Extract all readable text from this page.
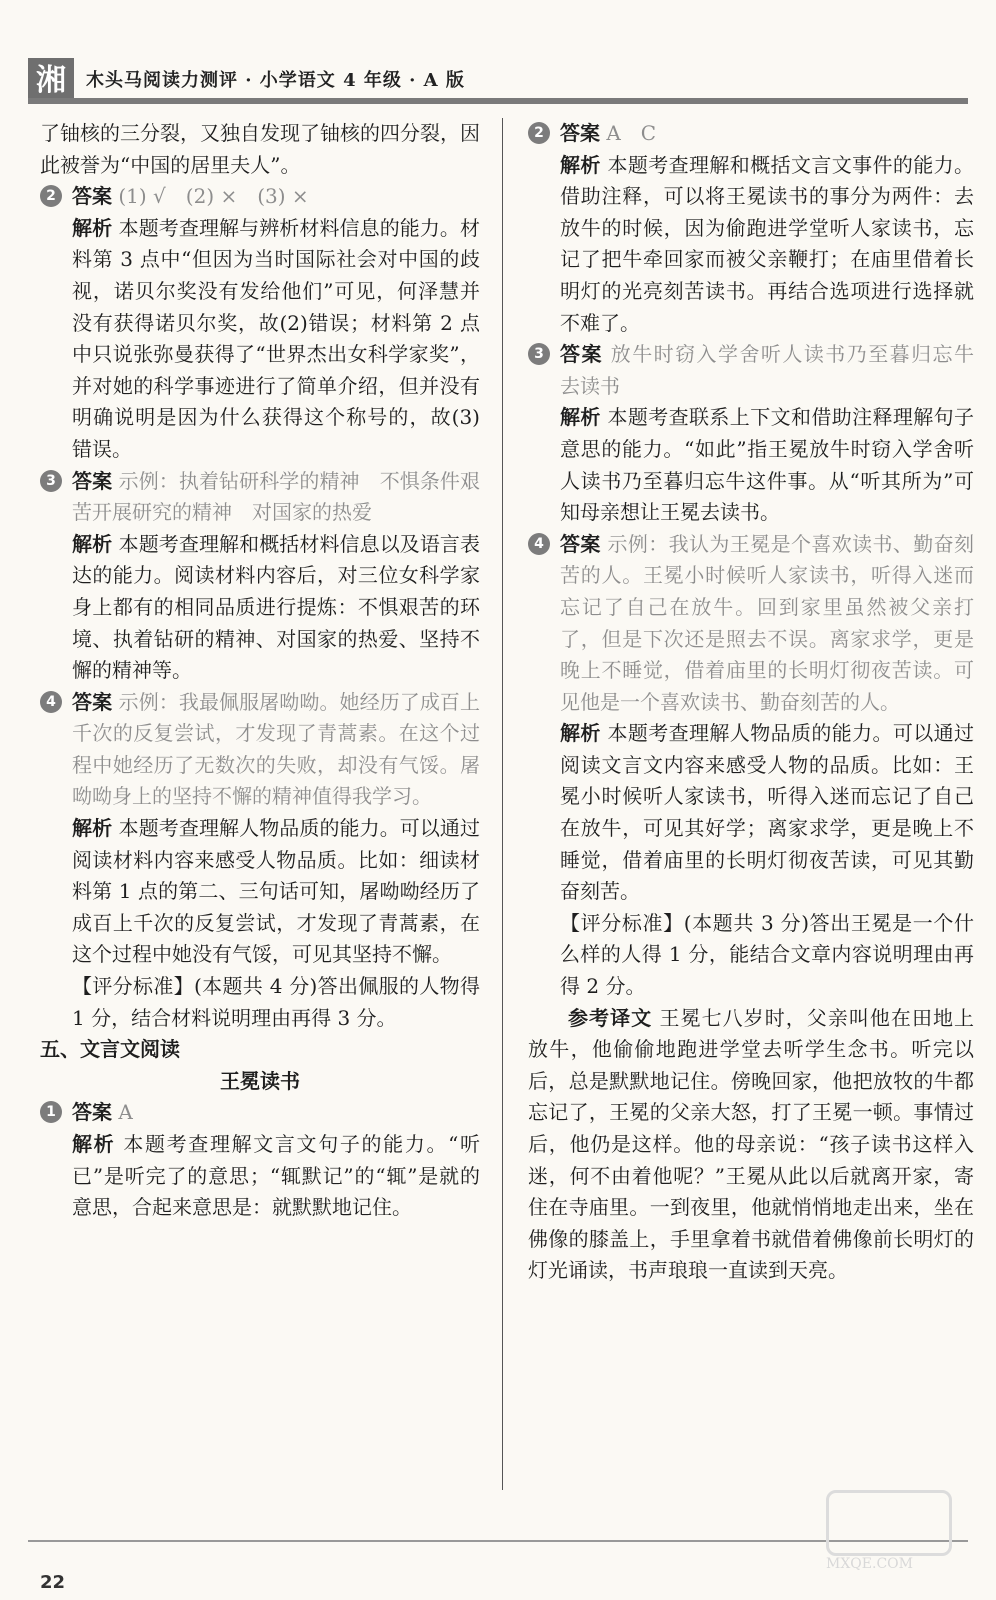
湘	木头马阅读力测评 · 小学语文 4 年级 · A 版

了铀核的三分裂，又独自发现了铀核的四分裂，因此被誉为“中国的居里夫人”。

2 答案 (1) √　(2) ×　(3) ×

解析 本题考查理解与辨析材料信息的能力。材料第 3 点中“但因为当时国际社会对中国的歧视，诺贝尔奖没有发给他们”可见，何泽慧并没有获得诺贝尔奖，故(2)错误；材料第 2 点中只说张弥曼获得了“世界杰出女科学家奖”，并对她的科学事迹进行了简单介绍，但并没有明确说明是因为什么获得这个称号的，故(3)错误。

3 答案 示例：执着钻研科学的精神　不惧条件艰苦开展研究的精神　对国家的热爱

解析 本题考查理解和概括材料信息以及语言表达的能力。阅读材料内容后，对三位女科学家身上都有的相同品质进行提炼：不惧艰苦的环境、执着钻研的精神、对国家的热爱、坚持不懈的精神等。

4 答案 示例：我最佩服屠呦呦。她经历了成百上千次的反复尝试，才发现了青蒿素。在这个过程中她经历了无数次的失败，却没有气馁。屠呦呦身上的坚持不懈的精神值得我学习。

解析 本题考查理解人物品质的能力。可以通过阅读材料内容来感受人物品质。比如：细读材料第 1 点的第二、三句话可知，屠呦呦经历了成百上千次的反复尝试，才发现了青蒿素，在这个过程中她没有气馁，可见其坚持不懈。

【评分标准】(本题共 4 分)答出佩服的人物得 1 分，结合材料说明理由再得 3 分。

五、文言文阅读

王冕读书

1 答案 A

解析 本题考查理解文言文句子的能力。“听已”是听完了的意思；“辄默记”的“辄”是就的意思，合起来意思是：就默默地记住。

2 答案 A　C

解析 本题考查理解和概括文言文事件的能力。借助注释，可以将王冕读书的事分为两件：去放牛的时候，因为偷跑进学堂听人家读书，忘记了把牛牵回家而被父亲鞭打；在庙里借着长明灯的光亮刻苦读书。再结合选项进行选择就不难了。

3 答案 放牛时窃入学舍听人读书乃至暮归忘牛　去读书

解析 本题考查联系上下文和借助注释理解句子意思的能力。“如此”指王冕放牛时窃入学舍听人读书乃至暮归忘牛这件事。从“听其所为”可知母亲想让王冕去读书。

4 答案 示例：我认为王冕是个喜欢读书、勤奋刻苦的人。王冕小时候听人家读书，听得入迷而忘记了自己在放牛。回到家里虽然被父亲打了，但是下次还是照去不误。离家求学，更是晚上不睡觉，借着庙里的长明灯彻夜苦读。可见他是一个喜欢读书、勤奋刻苦的人。

解析 本题考查理解人物品质的能力。可以通过阅读文言文内容来感受人物的品质。比如：王冕小时候听人家读书，听得入迷而忘记了自己在放牛，可见其好学；离家求学，更是晚上不睡觉，借着庙里的长明灯彻夜苦读，可见其勤奋刻苦。

【评分标准】(本题共 3 分)答出王冕是一个什么样的人得 1 分，能结合文章内容说明理由再得 2 分。

参考译文 王冕七八岁时，父亲叫他在田地上放牛，他偷偷地跑进学堂去听学生念书。听完以后，总是默默地记住。傍晚回家，他把放牧的牛都忘记了，王冕的父亲大怒，打了王冕一顿。事情过后，他仍是这样。他的母亲说：“孩子读书这样入迷，何不由着他呢？”王冕从此以后就离开家，寄住在寺庙里。一到夜里，他就悄悄地走出来，坐在佛像的膝盖上，手里拿着书就借着佛像前长明灯的灯光诵读，书声琅琅一直读到天亮。

22
MXQE.COM
